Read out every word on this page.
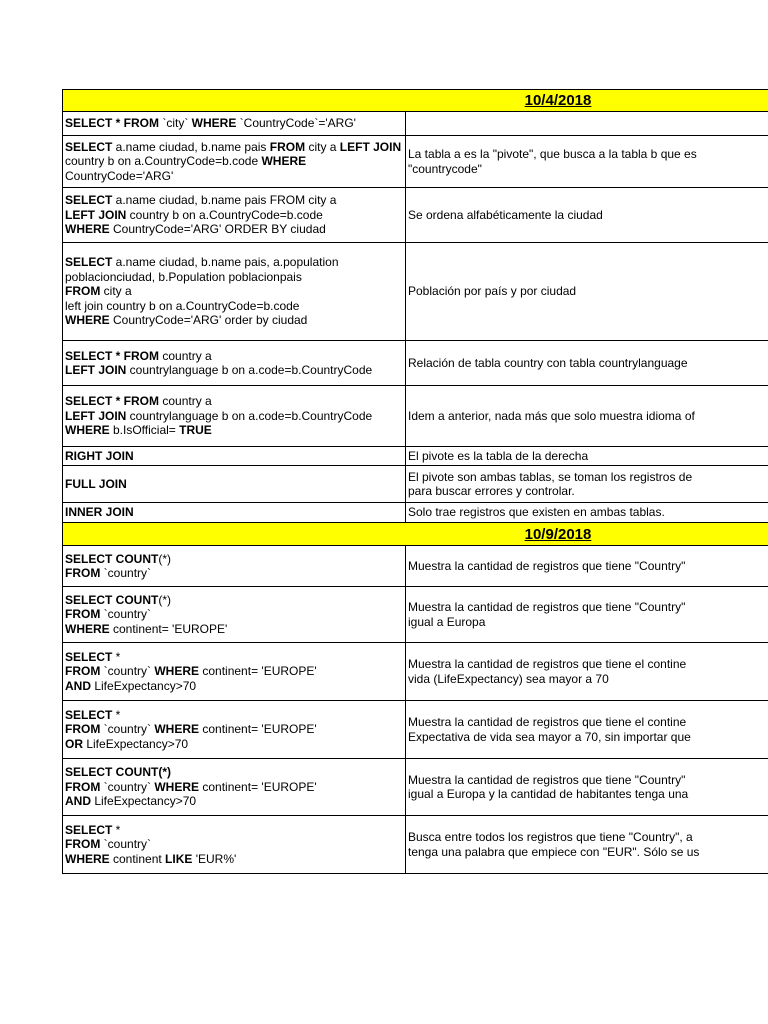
10/4/2018
SELECT * FROM `city` WHERE `CountryCode`='ARG'
SELECT a.name ciudad, b.name pais FROM city a LEFT JOIN
country b on a.CountryCode=b.code WHERE
CountryCode='ARG'
La tabla a es la "pivote", que busca a la tabla b que es
"countrycode"
SELECT a.name ciudad, b.name pais FROM city a
LEFT JOIN country b on a.CountryCode=b.code
WHERE CountryCode='ARG' ORDER BY ciudad
Se ordena alfabéticamente la ciudad
SELECT a.name ciudad, b.name pais, a.population
poblacionciudad, b.Population poblacionpais
FROM city a
left join country b on a.CountryCode=b.code
WHERE CountryCode='ARG' order by ciudad
Población por país y por ciudad
SELECT * FROM country a
LEFT JOIN countrylanguage b on a.code=b.CountryCode
Relación de tabla country con tabla countrylanguage
SELECT * FROM country a
LEFT JOIN countrylanguage b on a.code=b.CountryCode
WHERE b.IsOfficial= TRUE
Idem a anterior, nada más que solo muestra idioma of
RIGHT JOIN	El pivote es la tabla de la derecha
FULL JOIN
El pivote son ambas tablas, se toman los registros de
para buscar errores y controlar.
INNER JOIN	Solo trae registros que existen en ambas tablas.
10/9/2018
SELECT COUNT(*)
FROM `country`
Muestra la cantidad de registros que tiene "Country"
SELECT COUNT(*)
FROM `country`
WHERE continent= 'EUROPE'
Muestra la cantidad de registros que tiene "Country"
igual a Europa
SELECT *
FROM `country` WHERE continent= 'EUROPE'
AND LifeExpectancy>70
Muestra la cantidad de registros que tiene el contine
vida (LifeExpectancy) sea mayor a 70
SELECT *
FROM `country` WHERE continent= 'EUROPE'
OR LifeExpectancy>70
Muestra la cantidad de registros que tiene el contine
Expectativa de vida sea mayor a 70, sin importar que
SELECT COUNT(*)
FROM `country` WHERE continent= 'EUROPE'
AND LifeExpectancy>70
Muestra la cantidad de registros que tiene "Country"
igual a Europa y la cantidad de habitantes tenga una
SELECT *
FROM `country`
WHERE continent LIKE 'EUR%'
Busca entre todos los registros que tiene "Country", a
tenga una palabra que empiece con "EUR". Sólo se us
